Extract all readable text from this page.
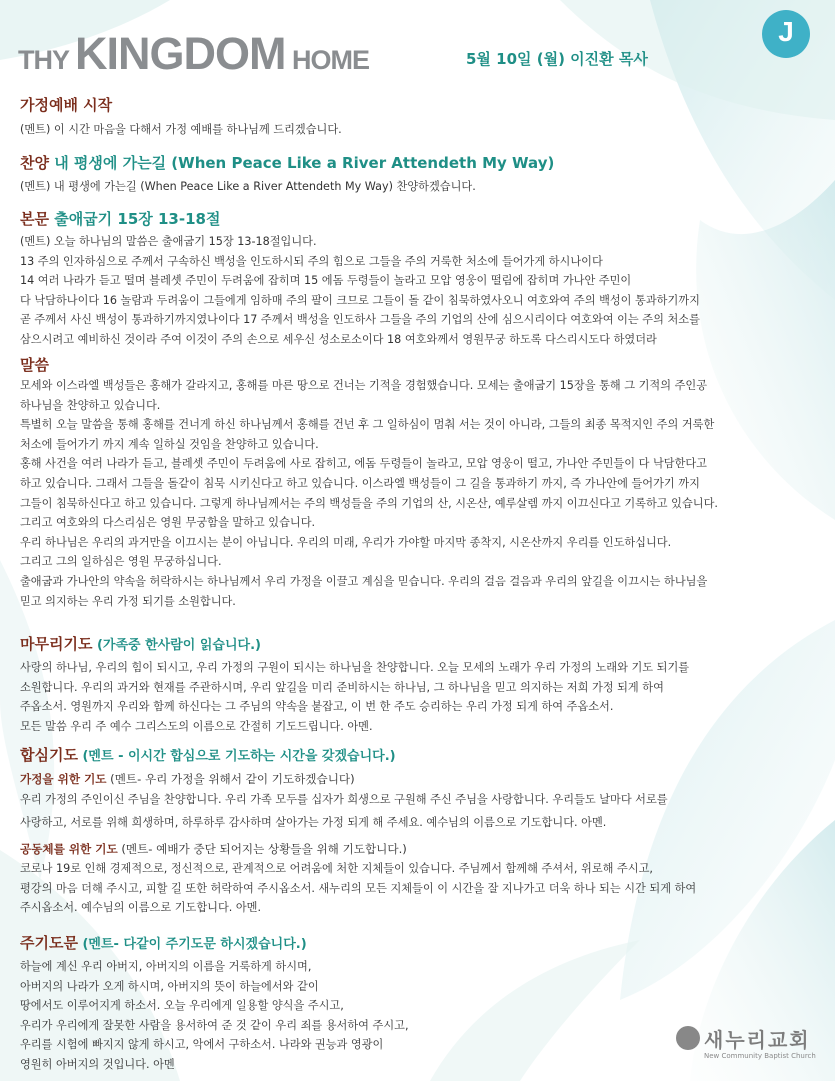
THY KINGDOM HOME	5월 10일 (월) 이진환 목사
J
가정예배 시작
(멘트) 이 시간 마음을 다해서 가정 예배를 하나님께 드리겠습니다.
찬양 내 평생에 가는길 (When Peace Like a River Attendeth My Way)
(멘트) 내 평생에 가는길 (When Peace Like a River Attendeth My Way) 찬양하겠습니다.
본문 출애굽기 15장 13-18절
(멘트) 오늘 하나님의 말씀은 출애굽기 15장 13-18절입니다.
13 주의 인자하심으로 주께서 구속하신 백성을 인도하시되 주의 힘으로 그들을 주의 거룩한 처소에 들어가게 하시나이다
14 여러 나라가 듣고 떨며 블레셋 주민이 두려움에 잡히며 15 에돔 두령들이 놀라고 모압 영웅이 떨림에 잡히며 가나안 주민이
다 낙담하나이다 16 놀람과 두려움이 그들에게 임하매 주의 팔이 크므로 그들이 돌 같이 침묵하였사오니 여호와여 주의 백성이 통과하기까지
곧 주께서 사신 백성이 통과하기까지였나이다 17 주께서 백성을 인도하사 그들을 주의 기업의 산에 심으시리이다 여호와여 이는 주의 처소를
삼으시려고 예비하신 것이라 주여 이것이 주의 손으로 세우신 성소로소이다 18 여호와께서 영원무궁 하도록 다스리시도다 하였더라
말씀
모세와 이스라엘 백성들은 홍해가 갈라지고, 홍해를 마른 땅으로 건너는 기적을 경험했습니다. 모세는 출애굽기 15장을 통해 그 기적의 주인공
하나님을 찬양하고 있습니다.
특별히 오늘 말씀을 통해 홍해를 건너게 하신 하나님께서 홍해를 건넌 후 그 일하심이 멈춰 서는 것이 아니라, 그들의 최종 목적지인 주의 거룩한
처소에 들어가기 까지 계속 일하실 것임을 찬양하고 있습니다.
홍해 사건을 여러 나라가 듣고, 블레셋 주민이 두려움에 사로 잡히고, 에돔 두령들이 놀라고, 모압 영웅이 떨고, 가나안 주민들이 다 낙담한다고
하고 있습니다. 그래서 그들을 돌같이 침묵 시키신다고 하고 있습니다. 이스라엘 백성들이 그 길을 통과하기 까지, 즉 가나안에 들어가기 까지
그들이 침묵하신다고 하고 있습니다. 그렇게 하나님께서는 주의 백성들을 주의 기업의 산, 시온산, 예루살렘 까지 이끄신다고 기록하고 있습니다.
그리고 여호와의 다스리심은 영원 무궁함을 말하고 있습니다.
우리 하나님은 우리의 과거만을 이끄시는 분이 아닙니다. 우리의 미래, 우리가 가야할 마지막 종착지, 시온산까지 우리를 인도하십니다.
그리고 그의 일하심은 영원 무궁하십니다.
출애굽과 가나안의 약속을 허락하시는 하나님께서 우리 가정을 이끌고 계심을 믿습니다. 우리의 걸음 걸음과 우리의 앞길을 이끄시는 하나님을
믿고 의지하는 우리 가정 되기를 소원합니다.
마무리기도 (가족중 한사람이 읽습니다.)
사랑의 하나님, 우리의 힘이 되시고, 우리 가정의 구원이 되시는 하나님을 찬양합니다. 오늘 모세의 노래가 우리 가정의 노래와 기도 되기를
소원합니다. 우리의 과거와 현재를 주관하시며, 우리 앞길을 미리 준비하시는 하나님, 그 하나님을 믿고 의지하는 저희 가정 되게 하여
주옵소서. 영원까지 우리와 함께 하신다는 그 주님의 약속을 붙잡고, 이 번 한 주도 승리하는 우리 가정 되게 하여 주옵소서.
모든 말씀 우리 주 예수 그리스도의 이름으로 간절히 기도드립니다. 아멘.
합심기도 (멘트 - 이시간 합심으로 기도하는 시간을 갖겠습니다.)
가정을 위한 기도 (멘트- 우리 가정을 위해서 같이 기도하겠습니다)
우리 가정의 주인이신 주님을 찬양합니다. 우리 가족 모두를 십자가 희생으로 구원해 주신 주님을 사랑합니다. 우리들도 날마다 서로를
사랑하고, 서로를 위해 희생하며, 하루하루 감사하며 살아가는 가정 되게 해 주세요. 예수님의 이름으로 기도합니다. 아멘.
공동체를 위한 기도 (멘트- 예배가 중단 되어지는 상황들을 위해 기도합니다.)
코로나 19로 인해 경제적으로, 정신적으로, 관계적으로 어려움에 처한 지체들이 있습니다. 주님께서 함께해 주셔서, 위로해 주시고,
평강의 마음 더해 주시고, 피할 길 또한 허락하여 주시옵소서. 새누리의 모든 지체들이 이 시간을 잘 지나가고 더욱 하나 되는 시간 되게 하여
주시옵소서. 예수님의 이름으로 기도합니다. 아멘.
주기도문 (멘트- 다같이 주기도문 하시겠습니다.)
하늘에 계신 우리 아버지, 아버지의 이름을 거룩하게 하시며,
아버지의 나라가 오게 하시며, 아버지의 뜻이 하늘에서와 같이
땅에서도 이루어지게 하소서. 오늘 우리에게 일용할 양식을 주시고,
우리가 우리에게 잘못한 사람을 용서하여 준 것 같이 우리 죄를 용서하여 주시고,
우리를 시험에 빠지지 않게 하시고, 악에서 구하소서. 나라와 권능과 영광이
영원히 아버지의 것입니다. 아멘
새누리교회
New Community Baptist Church
